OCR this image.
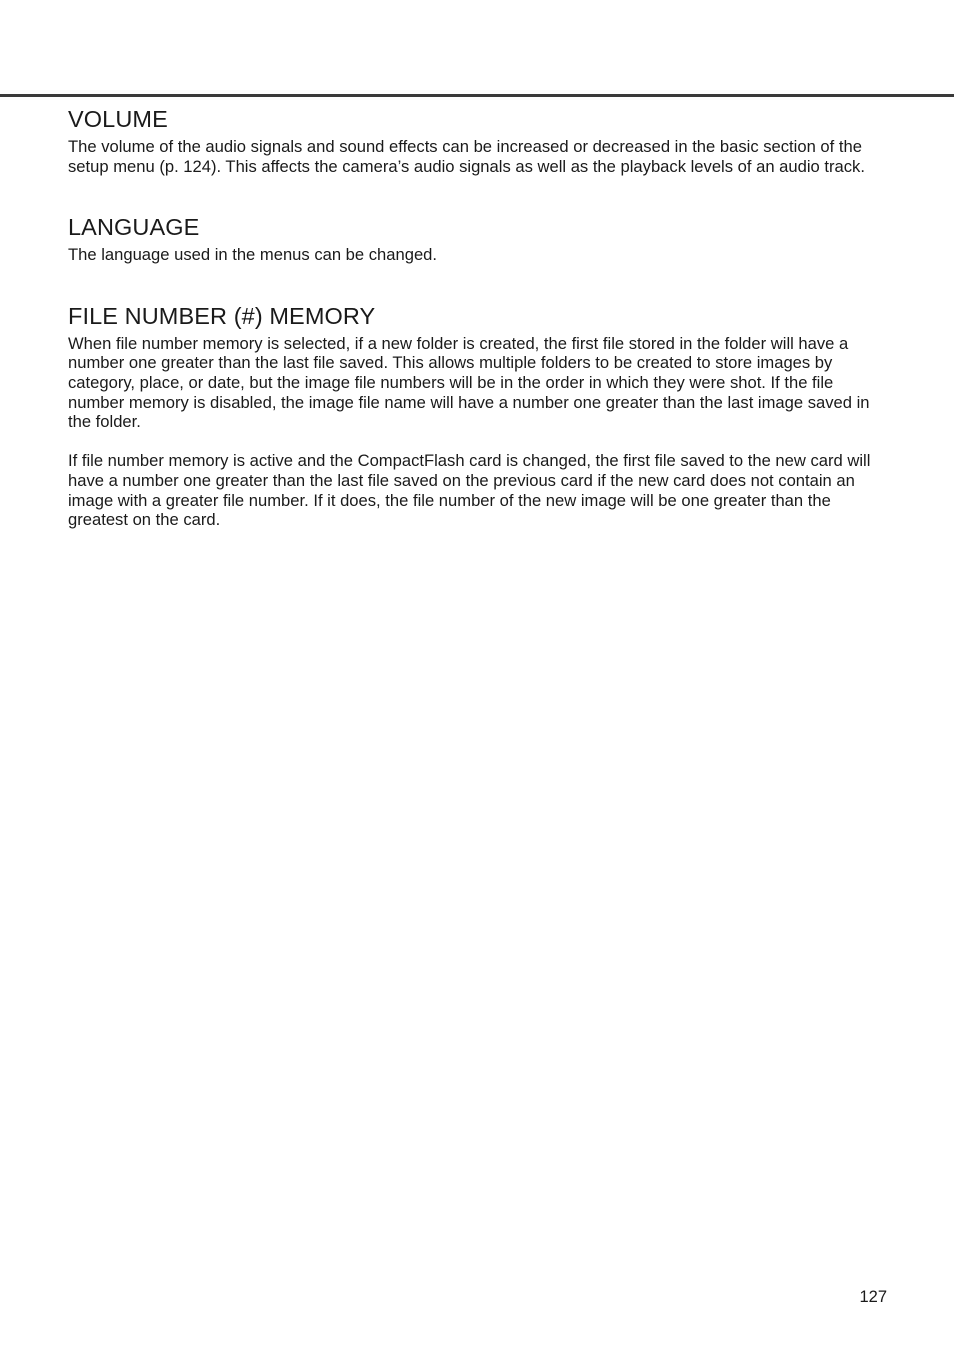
VOLUME

The volume of the audio signals and sound effects can be increased or decreased in the basic section of the setup menu (p. 124). This affects the camera’s audio signals as well as the playback levels of an audio track.

LANGUAGE

The language used in the menus can be changed.

FILE NUMBER (#) MEMORY

When file number memory is selected, if a new folder is created, the first file stored in the folder will have a number one greater than the last file saved. This allows multiple folders to be created to store images by category, place, or date, but the image file numbers will be in the order in which they were shot. If the file number memory is disabled, the image file name will have a number one greater than the last image saved in the folder.

If file number memory is active and the CompactFlash card is changed, the first file saved to the new card will have a number one greater than the last file saved on the previous card if the new card does not contain an image with a greater file number. If it does, the file number of the new image will be one greater than the greatest on the card.

127
